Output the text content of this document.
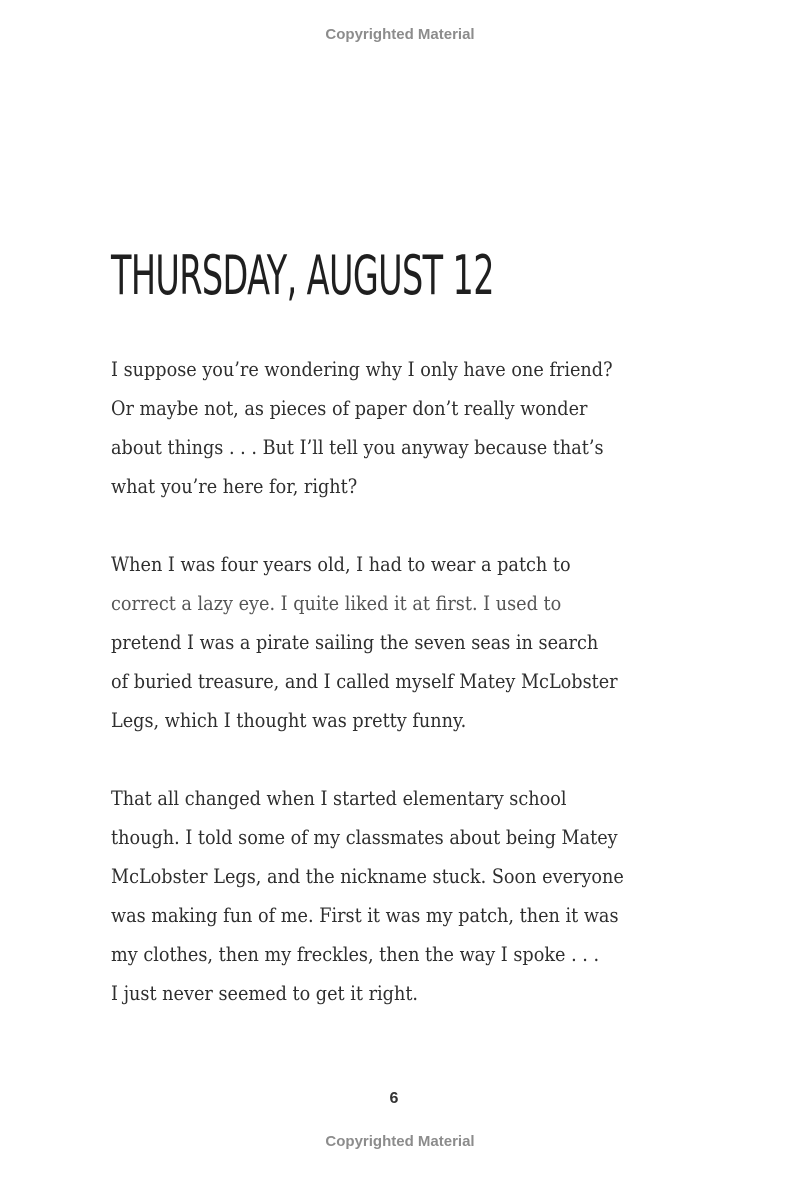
Copyrighted Material
THURSDAY, AUGUST 12

I suppose you’re wondering why I only have one friend?
Or maybe not, as pieces of paper don’t really wonder
about things . . . But I’ll tell you anyway because that’s
what you’re here for, right?

When I was four years old, I had to wear a patch to
correct a lazy eye. I quite liked it at first. I used to
pretend I was a pirate sailing the seven seas in search
of buried treasure, and I called myself Matey McLobster
Legs, which I thought was pretty funny.

That all changed when I started elementary school
though. I told some of my classmates about being Matey
McLobster Legs, and the nickname stuck. Soon everyone
was making fun of me. First it was my patch, then it was
my clothes, then my freckles, then the way I spoke . . .
I just never seemed to get it right.

6
Copyrighted Material
